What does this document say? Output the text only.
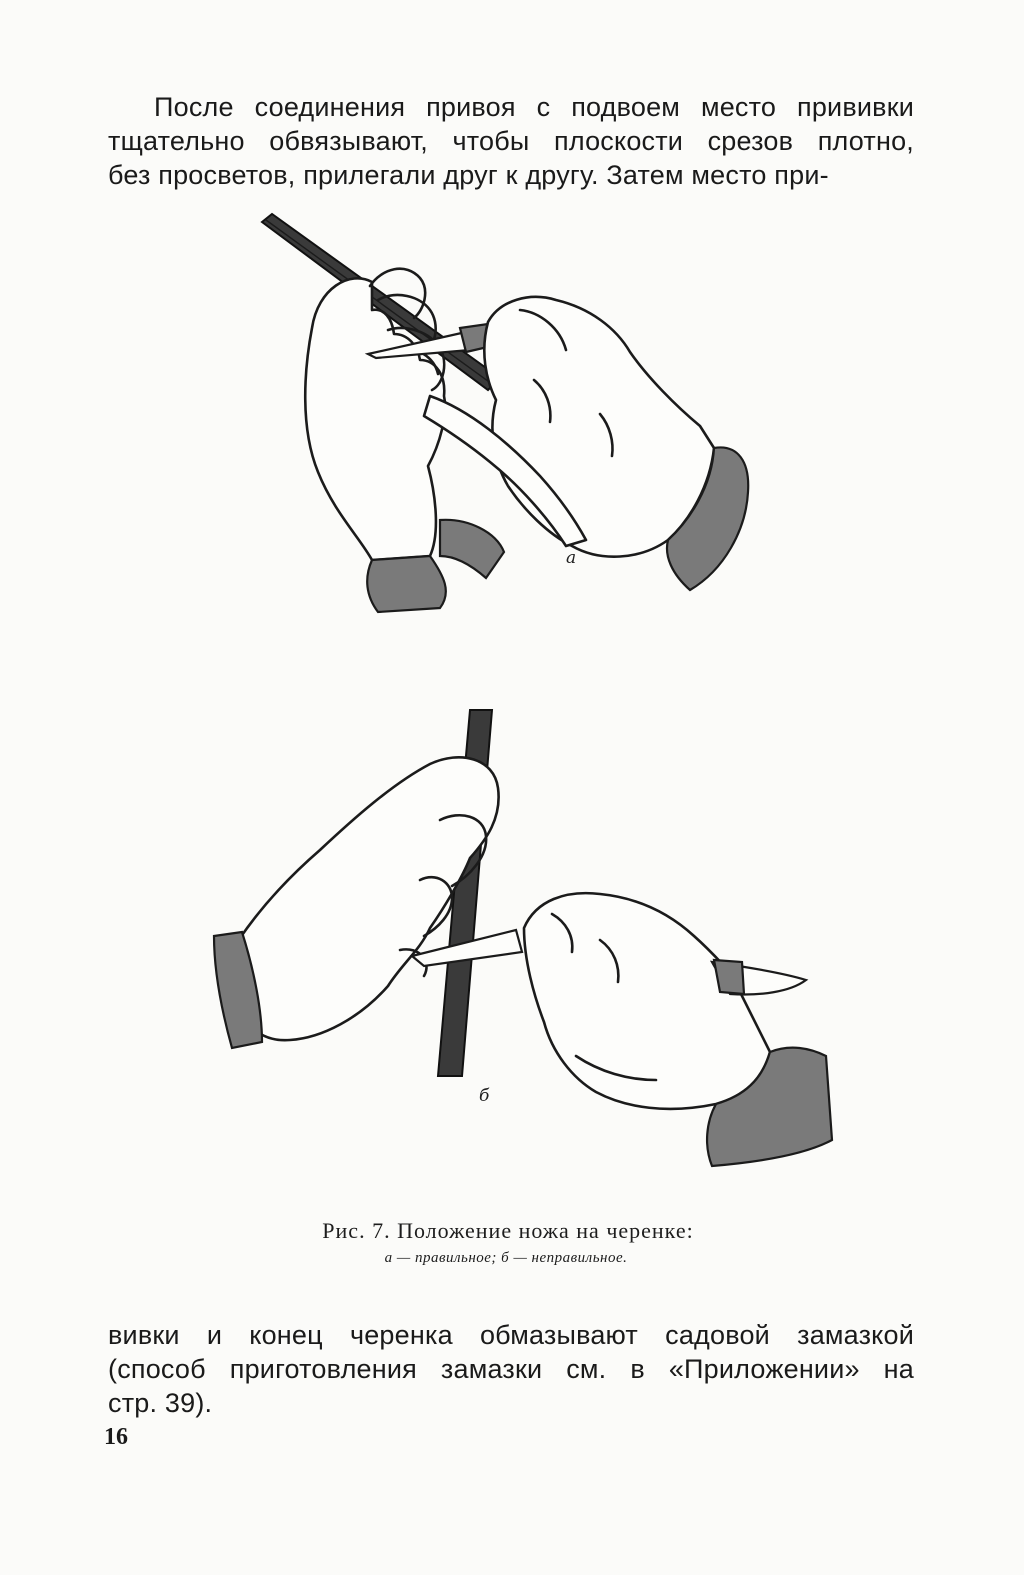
После соединения привоя с подвоем место прививки
тщательно обвязывают, чтобы плоскости срезов плотно,
без просветов, прилегали друг к другу. Затем место при-
а
б
Рис. 7. Положение ножа на черенке:
а — правильное; б — неправильное.
вивки и конец черенка обмазывают садовой замазкой
(способ приготовления замазки см. в «Приложении» на
стр. 39).
16
